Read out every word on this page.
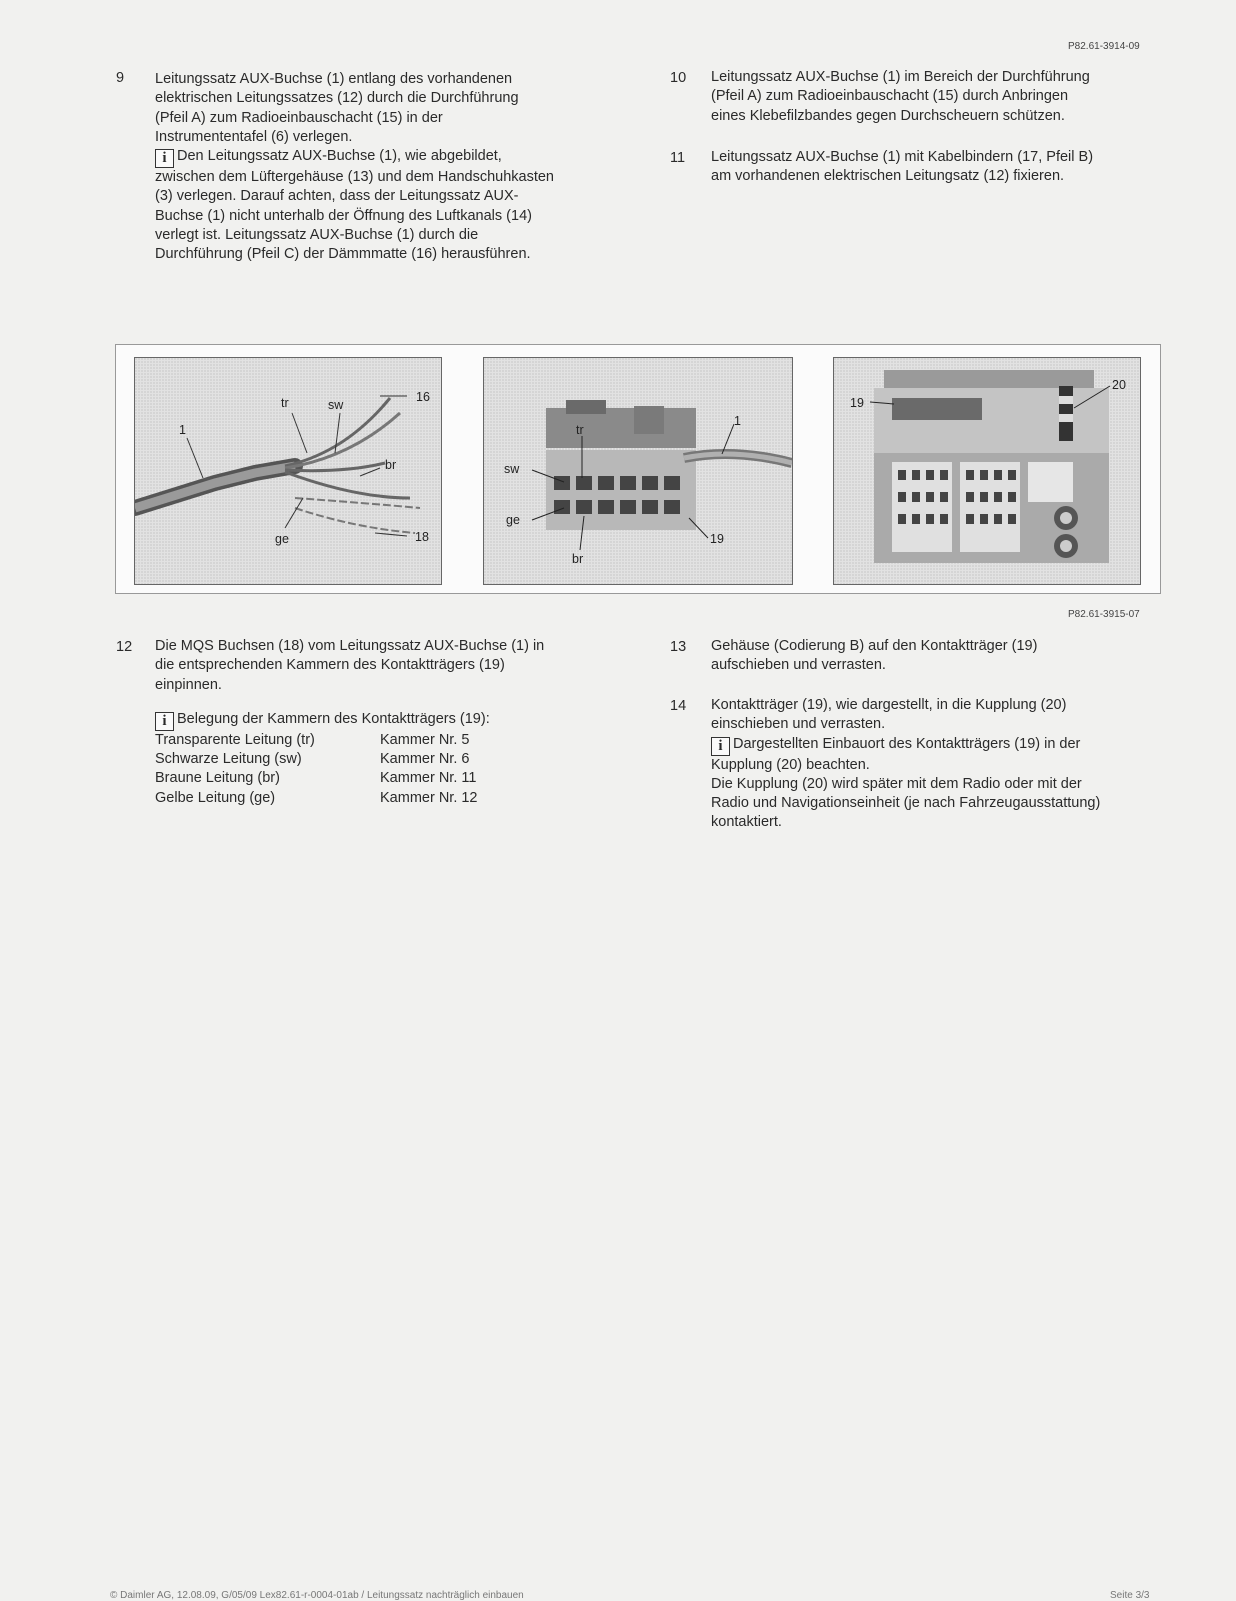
P82.61-3914-09
9 Leitungssatz AUX-Buchse (1) entlang des vorhandenen

elektrischen Leitungssatzes (12) durch die Durchführung

(Pfeil A) zum Radioeinbauschacht (15) in der

Instrumententafel (6) verlegen.

i Den Leitungssatz AUX-Buchse (1), wie abgebildet,

zwischen dem Lüftergehäuse (13) und dem Handschuhkasten

(3) verlegen. Darauf achten, dass der Leitungssatz AUX-

Buchse (1) nicht unterhalb der Öffnung des Luftkanals (14)

verlegt ist. Leitungssatz AUX-Buchse (1) durch die

Durchführung (Pfeil C) der Dämmmatte (16) herausführen.

10 Leitungssatz AUX-Buchse (1) im Bereich der Durchführung

(Pfeil A) zum Radioeinbauschacht (15) durch Anbringen

eines Klebefilzbandes gegen Durchscheuern schützen.

11 Leitungssatz AUX-Buchse (1) mit Kabelbindern (17, Pfeil B)

am vorhandenen elektrischen Leitungsatz (12) fixieren.

1
tr	sw
16
br
ge	18
tr
1
sw
ge
br
19
19
20
P82.61-3915-07
12 Die MQS Buchsen (18) vom Leitungssatz AUX-Buchse (1) in

die entsprechenden Kammern des Kontaktträgers (19)

einpinnen.

i Belegung der Kammern des Kontaktträgers (19):

Transparente Leitung (tr)	Kammer Nr. 5
Schwarze Leitung (sw)	Kammer Nr. 6
Braune Leitung (br)	Kammer Nr. 11
Gelbe Leitung (ge)	Kammer Nr. 12
13 Gehäuse (Codierung B) auf den Kontaktträger (19)

aufschieben und verrasten.

14 Kontaktträger (19), wie dargestellt, in die Kupplung (20)

einschieben und verrasten.

i Dargestellten Einbauort des Kontaktträgers (19) in der

Kupplung (20) beachten.

Die Kupplung (20) wird später mit dem Radio oder mit der

Radio und Navigationseinheit (je nach Fahrzeugausstattung)

kontaktiert.

© Daimler AG, 12.08.09, G/05/09 Lex82.61-r-0004-01ab / Leitungssatz nachträglich einbauen	Seite 3/3
